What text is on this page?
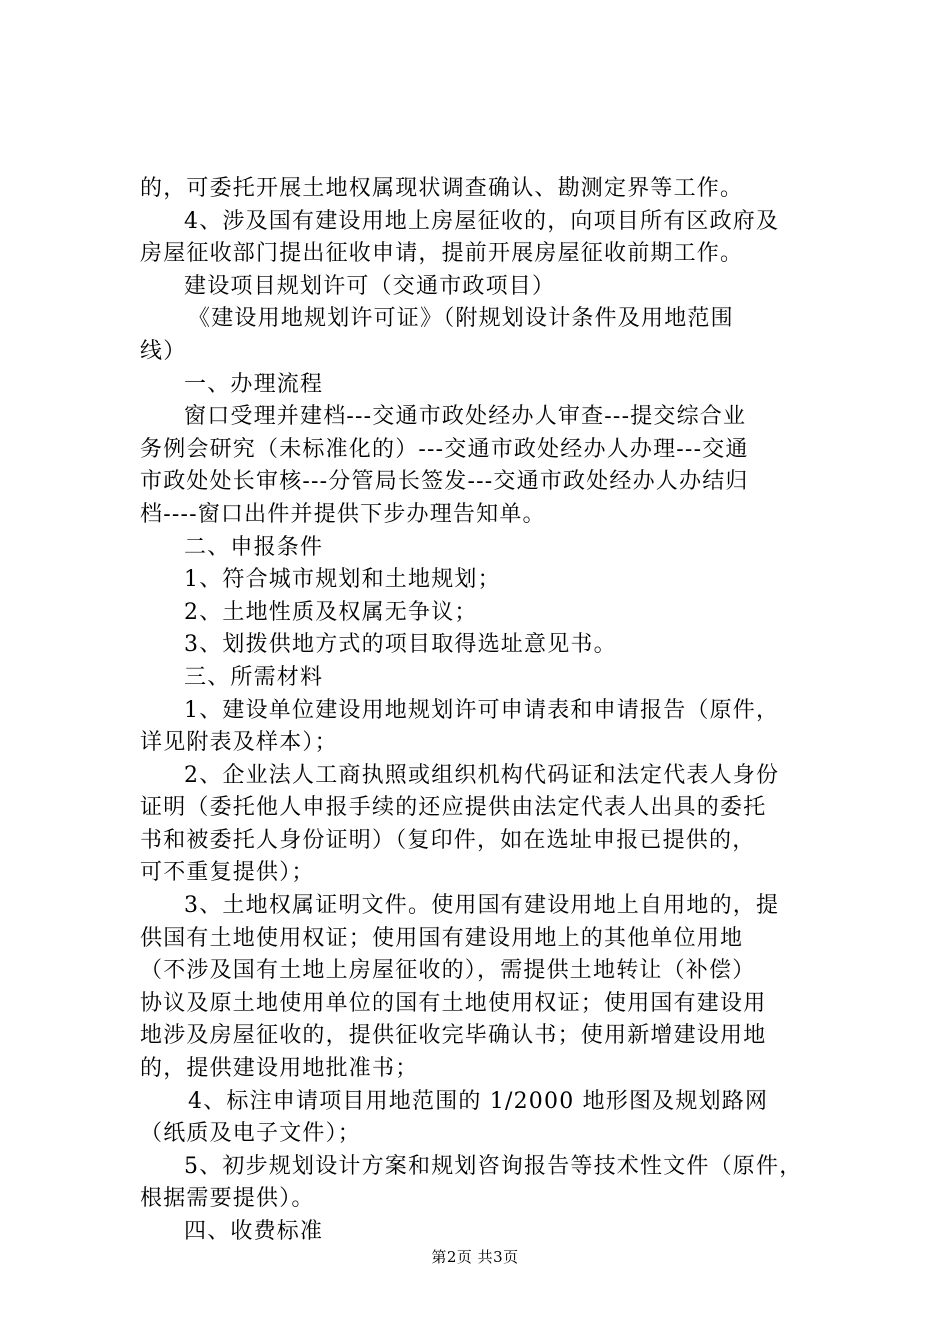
的，可委托开展土地权属现状调查确认、勘测定界等工作。

4、涉及国有建设用地上房屋征收的，向项目所有区政府及

房屋征收部门提出征收申请，提前开展房屋征收前期工作。

建设项目规划许可（交通市政项目）

《建设用地规划许可证》（附规划设计条件及用地范围

线）

一、办理流程

窗口受理并建档---交通市政处经办人审查---提交综合业

务例会研究（未标准化的）---交通市政处经办人办理---交通

市政处处长审核---分管局长签发---交通市政处经办人办结归

档----窗口出件并提供下步办理告知单。

二、申报条件

1、符合城市规划和土地规划；

2、土地性质及权属无争议；

3、划拨供地方式的项目取得选址意见书。

三、所需材料

1、建设单位建设用地规划许可申请表和申请报告（原件，

详见附表及样本）；

2、企业法人工商执照或组织机构代码证和法定代表人身份

证明（委托他人申报手续的还应提供由法定代表人出具的委托

书和被委托人身份证明）（复印件，如在选址申报已提供的，

可不重复提供）；

3、土地权属证明文件。使用国有建设用地上自用地的，提

供国有土地使用权证；使用国有建设用地上的其他单位用地

（不涉及国有土地上房屋征收的），需提供土地转让（补偿）

协议及原土地使用单位的国有土地使用权证；使用国有建设用

地涉及房屋征收的，提供征收完毕确认书；使用新增建设用地

的，提供建设用地批准书；

4、标注申请项目用地范围的 1/2000 地形图及规划路网

（纸质及电子文件）；

5、初步规划设计方案和规划咨询报告等技术性文件（原件，

根据需要提供）。

四、收费标准

第2页 共3页
